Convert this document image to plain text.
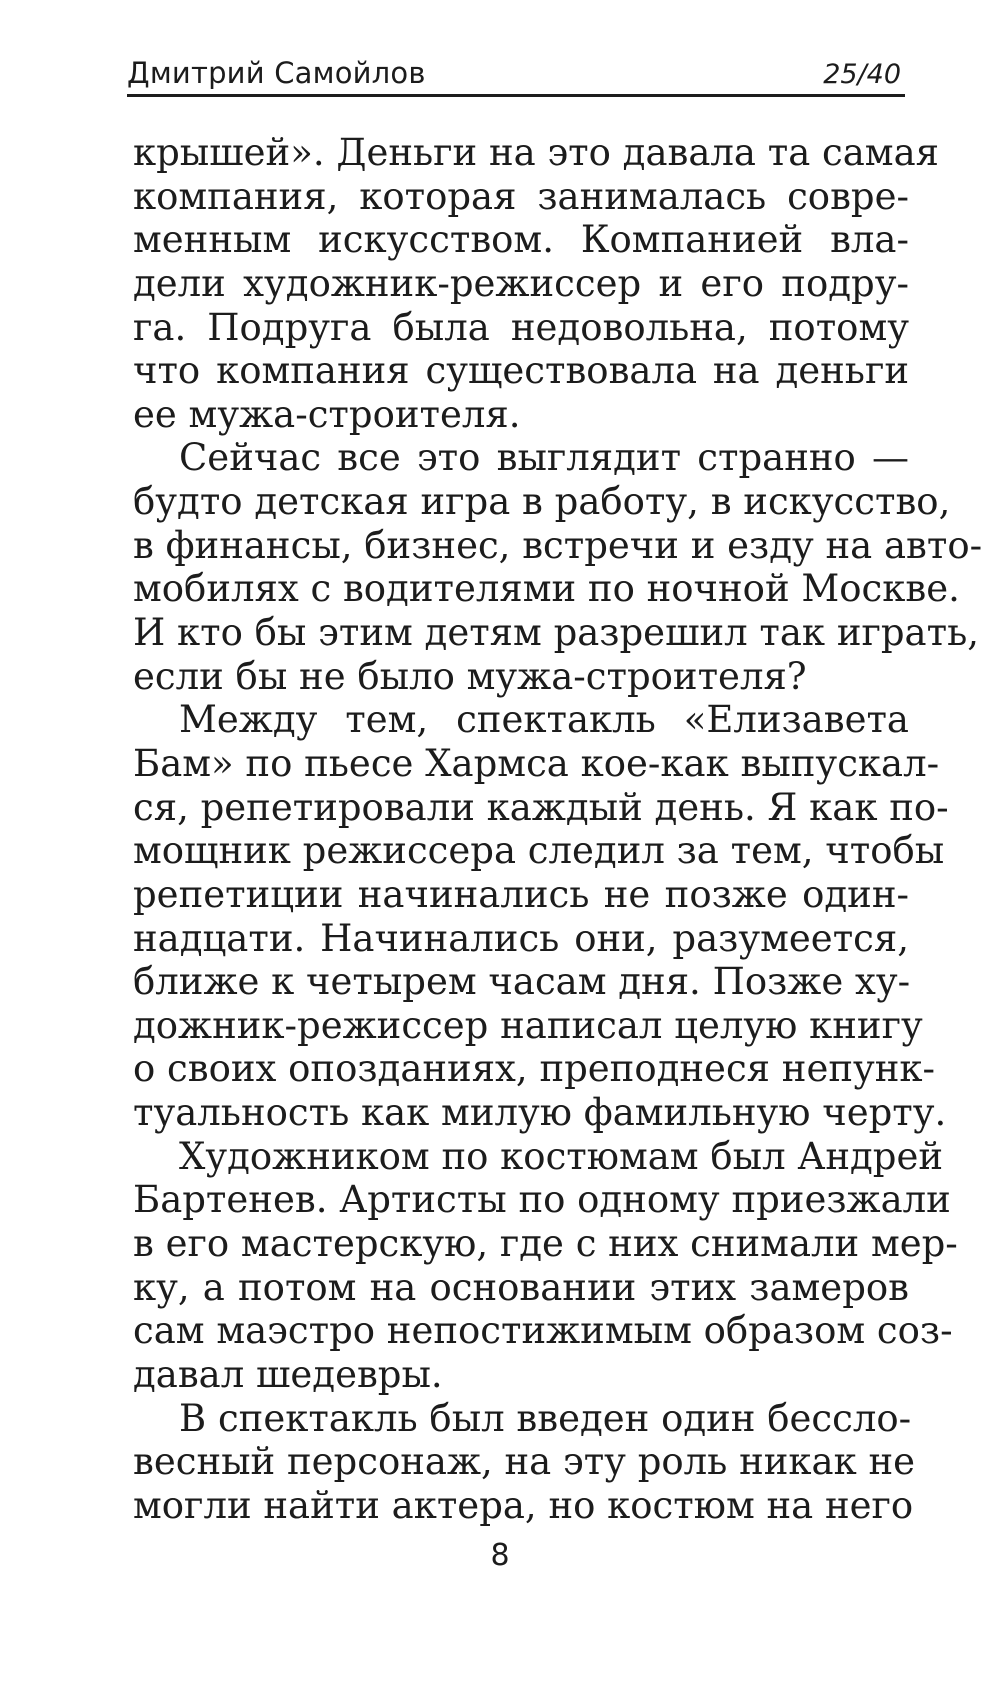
Дмитрий Самойлов	25/40
крышей». Деньги на это давала та самая
компания, которая занималась совре-
менным искусством. Компанией вла-
дели художник-режиссер и его подру-
га. Подруга была недовольна, потому
что компания существовала на деньги
ее мужа-строителя.
Сейчас все это выглядит странно —
будто детская игра в работу, в искусство,
в финансы, бизнес, встречи и езду на авто-
мобилях с водителями по ночной Москве.
И кто бы этим детям разрешил так играть,
если бы не было мужа-строителя?
Между тем, спектакль «Елизавета
Бам» по пьесе Хармса кое-как выпускал-
ся, репетировали каждый день. Я как по-
мощник режиссера следил за тем, чтобы
репетиции начинались не позже один-
надцати. Начинались они, разумеется,
ближе к четырем часам дня. Позже ху-
дожник-режиссер написал целую книгу
о своих опозданиях, преподнеся непунк-
туальность как милую фамильную черту.
Художником по костюмам был Андрей
Бартенев. Артисты по одному приезжали
в его мастерскую, где с них снимали мер-
ку, а потом на основании этих замеров
сам маэстро непостижимым образом соз-
давал шедевры.
В спектакль был введен один бессло-
весный персонаж, на эту роль никак не
могли найти актера, но костюм на него
8
